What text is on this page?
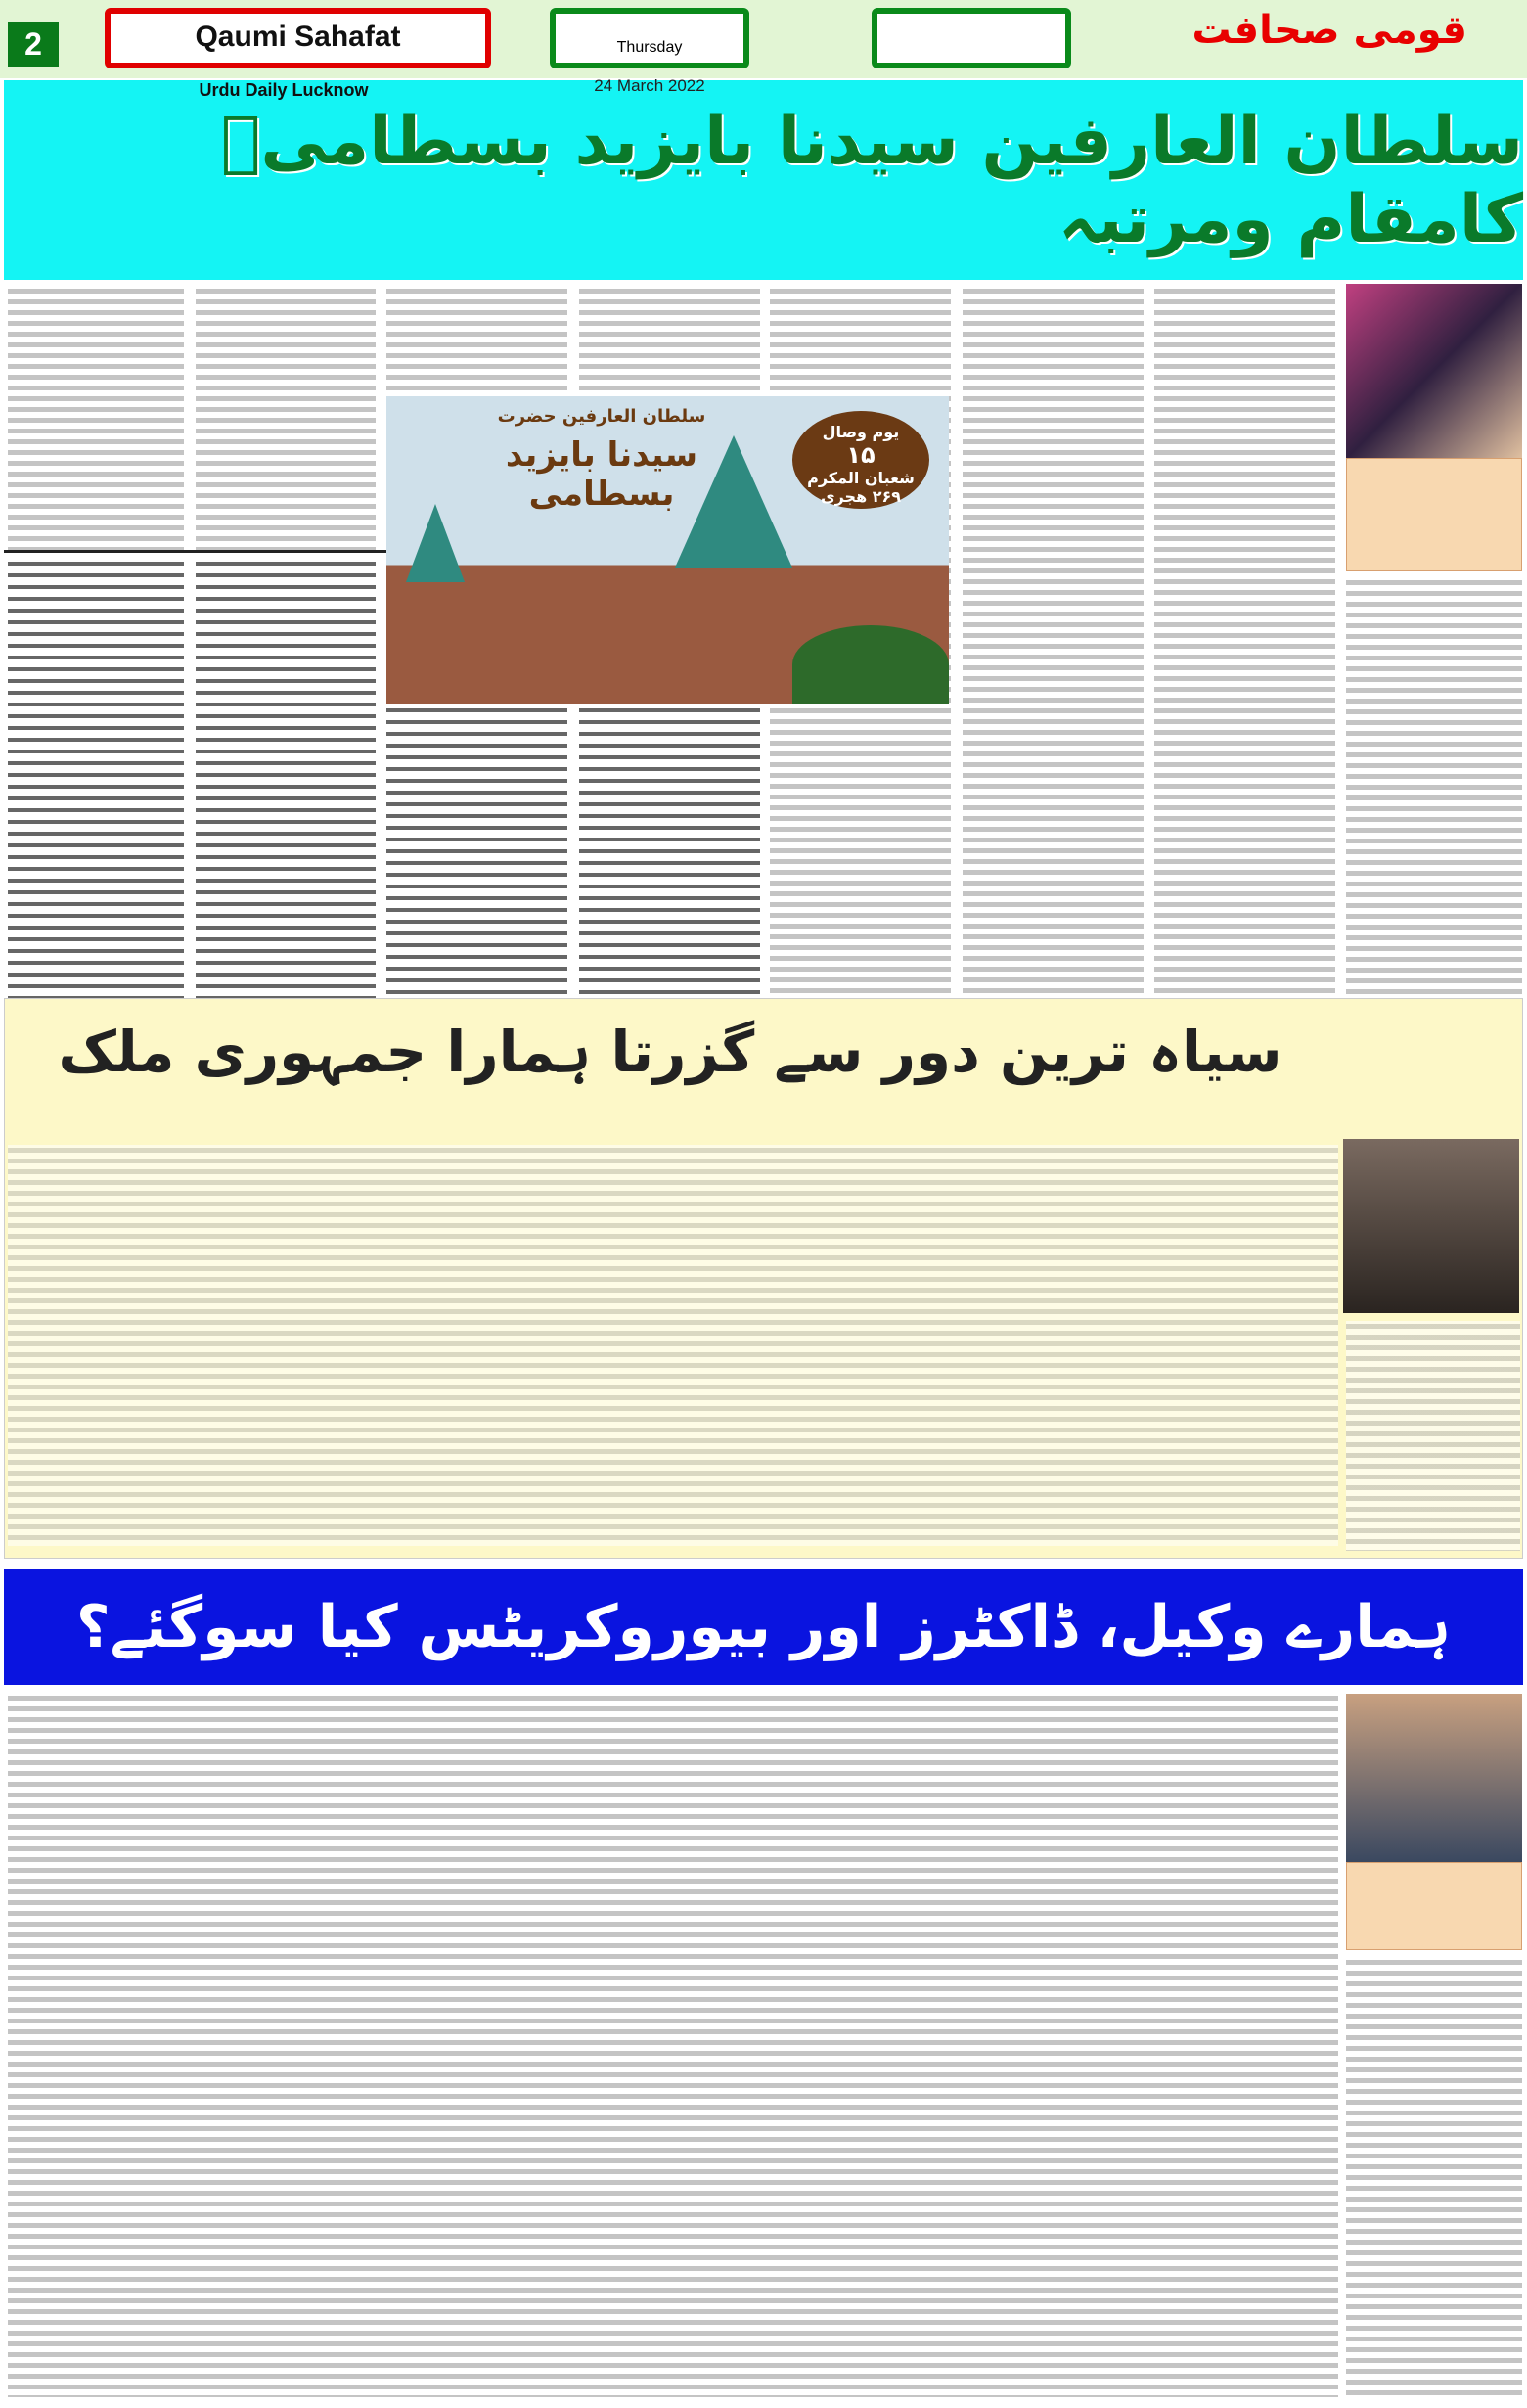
2	Qaumi Sahafat	Thursday	قومی صحافت
سلطان العارفین سیدنا بایزید بسطامیؒ کامقام ومرتبہ
Urdu Daily Lucknow	24 March 2022
سلطان العارفین حضرت
سیدنا بایزید بسطامی
یوم وصال
۱۵
شعبان المکرم
۲۶۹ ھجری
سیاہ ترین دور سے گزرتا ہمارا جمہوری ملک
ہمارے وکیل، ڈاکٹرز اور بیوروکریٹس کیا سوگئے؟
